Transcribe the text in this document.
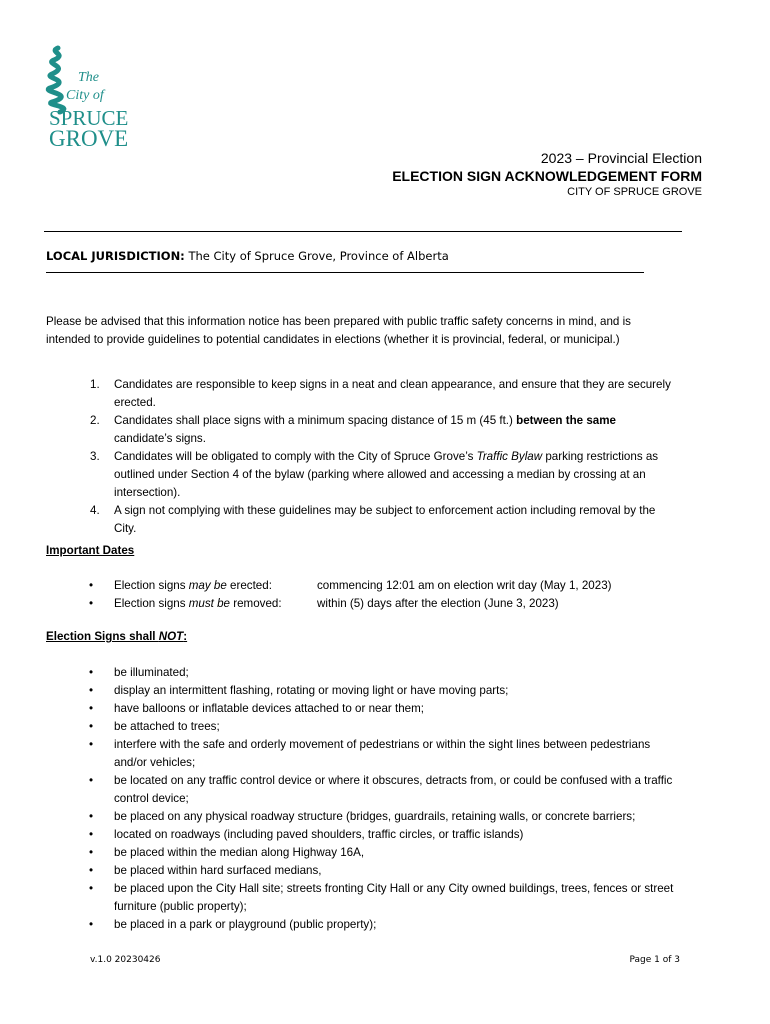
The
City of
SPRUCE
GROVE
2023 – Provincial Election
ELECTION SIGN ACKNOWLEDGEMENT FORM
CITY OF SPRUCE GROVE
LOCAL JURISDICTION: The City of Spruce Grove, Province of Alberta
Please be advised that this information notice has been prepared with public traffic safety concerns in mind, and is intended to provide guidelines to potential candidates in elections (whether it is provincial, federal, or municipal.)
1. Candidates are responsible to keep signs in a neat and clean appearance, and ensure that they are securely erected.
2. Candidates shall place signs with a minimum spacing distance of 15 m (45 ft.) between the same candidate’s signs.
3. Candidates will be obligated to comply with the City of Spruce Grove’s Traffic Bylaw parking restrictions as outlined under Section 4 of the bylaw (parking where allowed and accessing a median by crossing at an intersection).
4. A sign not complying with these guidelines may be subject to enforcement action including removal by the City.
Important Dates
• Election signs may be erected:	commencing 12:01 am on election writ day (May 1, 2023)
• Election signs must be removed:	within (5) days after the election (June 3, 2023)
Election Signs shall NOT:
• be illuminated;
• display an intermittent flashing, rotating or moving light or have moving parts;
• have balloons or inflatable devices attached to or near them;
• be attached to trees;
• interfere with the safe and orderly movement of pedestrians or within the sight lines between pedestrians and/or vehicles;
• be located on any traffic control device or where it obscures, detracts from, or could be confused with a traffic control device;
• be placed on any physical roadway structure (bridges, guardrails, retaining walls, or concrete barriers;
• located on roadways (including paved shoulders, traffic circles, or traffic islands)
• be placed within the median along Highway 16A,
• be placed within hard surfaced medians,
• be placed upon the City Hall site; streets fronting City Hall or any City owned buildings, trees, fences or street furniture (public property);
• be placed in a park or playground (public property);
v.1.0 20230426	Page 1 of 3
